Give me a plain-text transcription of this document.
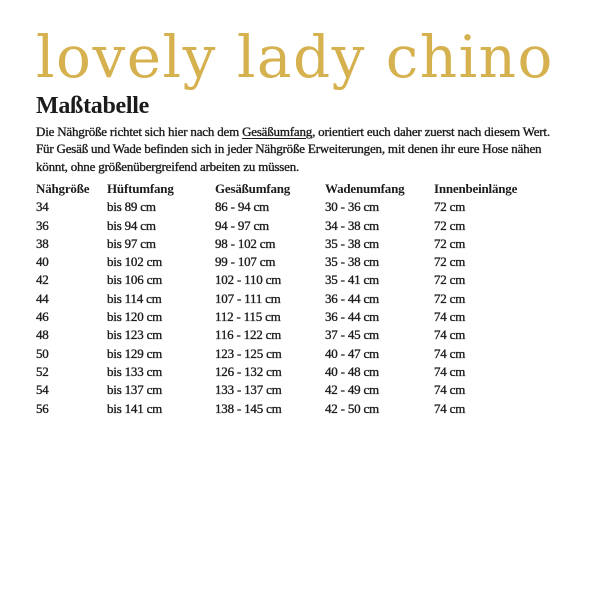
lovely lady chino
Maßtabelle
Die Nähgröße richtet sich hier nach dem Gesäßumfang, orientiert euch daher zuerst nach diesem Wert.
Für Gesäß und Wade befinden sich in jeder Nähgröße Erweiterungen, mit denen ihr eure Hose nähen
könnt, ohne größenübergreifend arbeiten zu müssen.
Nähgröße	Hüftumfang	Gesäßumfang	Wadenumfang	Innenbeinlänge
34	bis 89 cm	86 - 94 cm	30 - 36 cm	72 cm
36	bis 94 cm	94 - 97 cm	34 - 38 cm	72 cm
38	bis 97 cm	98 - 102 cm	35 - 38 cm	72 cm
40	bis 102 cm	99 - 107 cm	35 - 38 cm	72 cm
42	bis 106 cm	102 - 110 cm	35 - 41 cm	72 cm
44	bis 114 cm	107 - 111 cm	36 - 44 cm	72 cm
46	bis 120 cm	112 - 115 cm	36 - 44 cm	74 cm
48	bis 123 cm	116 - 122 cm	37 - 45 cm	74 cm
50	bis 129 cm	123 - 125 cm	40 - 47 cm	74 cm
52	bis 133 cm	126 - 132 cm	40 - 48 cm	74 cm
54	bis 137 cm	133 - 137 cm	42 - 49 cm	74 cm
56	bis 141 cm	138 - 145 cm	42 - 50 cm	74 cm
